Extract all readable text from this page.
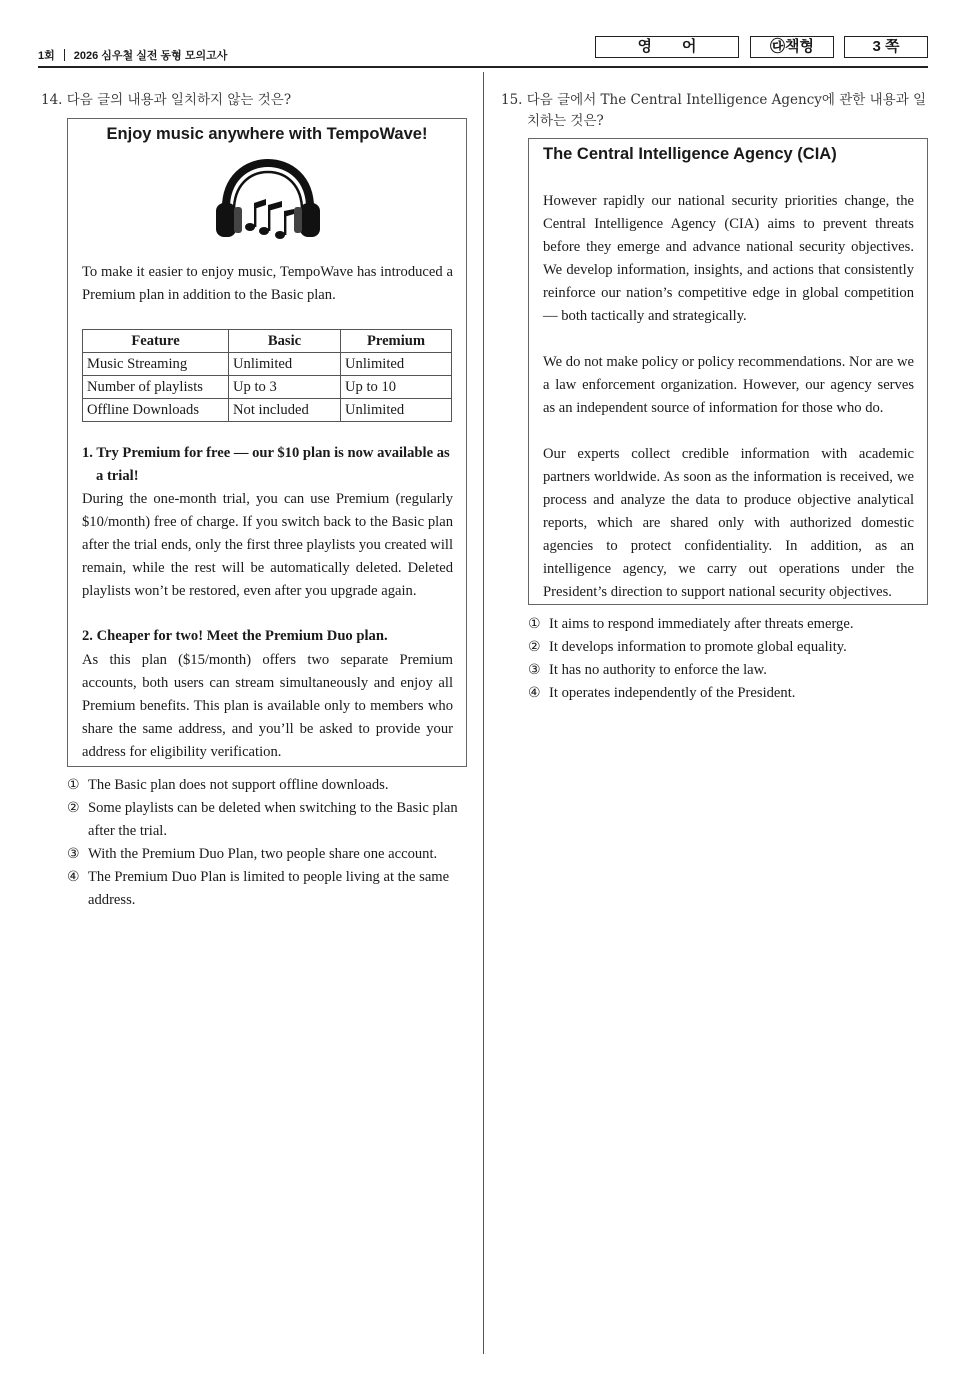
1회 2026 심우철 실전 동형 모의고사
영　　어	㉰책형	3 쪽
14. 다음 글의 내용과 일치하지 않는 것은?
Enjoy music anywhere with TempoWave!

To make it easier to enjoy music, TempoWave has introduced a Premium plan in addition to the Basic plan.

Feature	Basic	Premium
Music Streaming	Unlimited	Unlimited
Number of playlists	Up to 3	Up to 10
Offline Downloads	Not included	Unlimited

1. Try Premium for free — our $10 plan is now available as a trial!

During the one-month trial, you can use Premium (regularly $10/month) free of charge. If you switch back to the Basic plan after the trial ends, only the first three playlists you created will remain, while the rest will be automatically deleted. Deleted playlists won’t be restored, even after you upgrade again.

2. Cheaper for two! Meet the Premium Duo plan.

As this plan ($15/month) offers two separate Premium accounts, both users can stream simultaneously and enjoy all Premium benefits. This plan is available only to members who share the same address, and you’ll be asked to provide your address for eligibility verification.

① The Basic plan does not support offline downloads.
② Some playlists can be deleted when switching to the Basic plan after the trial.
③ With the Premium Duo Plan, two people share one account.
④ The Premium Duo Plan is limited to people living at the same address.
15. 다음 글에서 The Central Intelligence Agency에 관한 내용과 일
치하는 것은?
The Central Intelligence Agency (CIA)

However rapidly our national security priorities change, the Central Intelligence Agency (CIA) aims to prevent threats before they emerge and advance national security objectives. We develop information, insights, and actions that consistently reinforce our nation’s competitive edge in global competition — both tactically and strategically.

We do not make policy or policy recommendations. Nor are we a law enforcement organization. However, our agency serves as an independent source of information for those who do.

Our experts collect credible information with academic partners worldwide. As soon as the information is received, we process and analyze the data to produce objective analytical reports, which are shared only with authorized domestic agencies to protect confidentiality. In addition, as an intelligence agency, we carry out operations under the President’s direction to support national security objectives.

① It aims to respond immediately after threats emerge.
② It develops information to promote global equality.
③ It has no authority to enforce the law.
④ It operates independently of the President.
